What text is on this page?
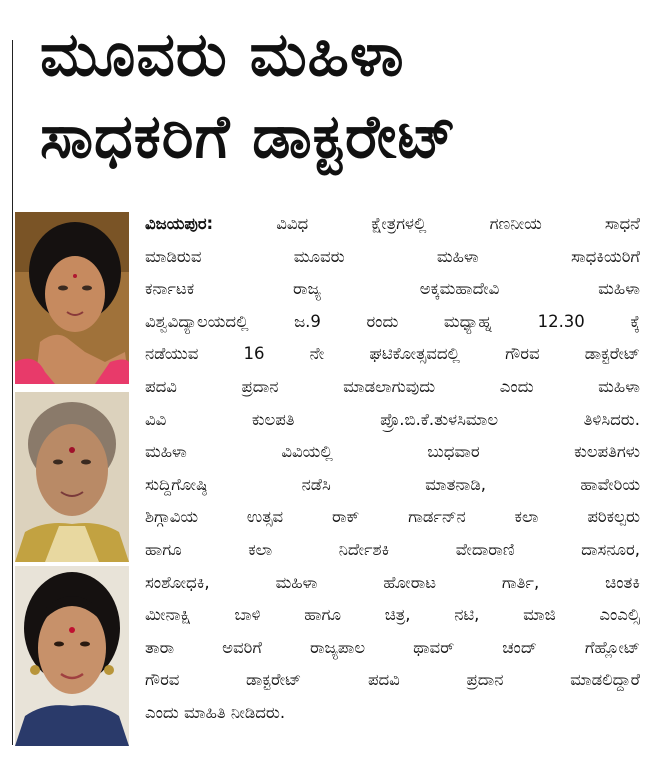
ಮೂವರು ಮಹಿಳಾ
ಸಾಧಕರಿಗೆ ಡಾಕ್ಟರೇಟ್

ವಿಜಯಪುರ:	ವಿವಿಧ ಕ್ಷೇತ್ರಗಳಲ್ಲಿ ಗಣನೀಯ ಸಾಧನೆ

ಮಾಡಿರುವ ಮೂವರು ಮಹಿಳಾ ಸಾಧಕಿಯರಿಗೆ

ಕರ್ನಾಟಕ ರಾಜ್ಯ ಅಕ್ಕಮಹಾದೇವಿ ಮಹಿಳಾ

ವಿಶ್ವವಿದ್ಯಾಲಯದಲ್ಲಿ ಜ.9 ರಂದು ಮಧ್ಯಾಹ್ನ 12.30 ಕ್ಕೆ

ನಡೆಯುವ 16 ನೇ ಘಟಿಕೋತ್ಸವದಲ್ಲಿ ಗೌರವ ಡಾಕ್ಟರೇಟ್

ಪದವಿ ಪ್ರದಾನ ಮಾಡಲಾಗುವುದು ಎಂದು ಮಹಿಳಾ

ವಿವಿ ಕುಲಪತಿ ಪ್ರೊ.ಬಿ.ಕೆ.ತುಳಸಿಮಾಲ ತಿಳಿಸಿದರು.

ಮಹಿಳಾ ವಿವಿಯಲ್ಲಿ ಬುಧವಾರ ಕುಲಪತಿಗಳು

ಸುದ್ದಿಗೋಷ್ಠಿ ನಡೆಸಿ ಮಾತನಾಡಿ, ಹಾವೇರಿಯ

ಶಿಗ್ಗಾವಿಯ ಉತ್ಸವ ರಾಕ್ ಗಾರ್ಡನ್‌ನ ಕಲಾ ಪರಿಕಲ್ಪರು

ಹಾಗೂ ಕಲಾ ನಿರ್ದೇಶಕಿ ವೇದಾರಾಣಿ ದಾಸನೂರ,

ಸಂಶೋಧಕಿ, ಮಹಿಳಾ ಹೋರಾಟ ಗಾರ್ತಿ, ಚಿಂತಕಿ

ಮೀನಾಕ್ಷಿ ಬಾಳಿ ಹಾಗೂ ಚಿತ್ರ, ನಟಿ, ಮಾಜಿ ಎಂಎಲ್ಸಿ

ತಾರಾ ಅವರಿಗೆ ರಾಜ್ಯಪಾಲ ಥಾವರ್ ಚಂದ್ ಗೆಹ್ಲೋಟ್

ಗೌರವ ಡಾಕ್ಟರೇಟ್ ಪದವಿ ಪ್ರದಾನ ಮಾಡಲಿದ್ದಾರೆ

ಎಂದು ಮಾಹಿತಿ ನೀಡಿದರು.
